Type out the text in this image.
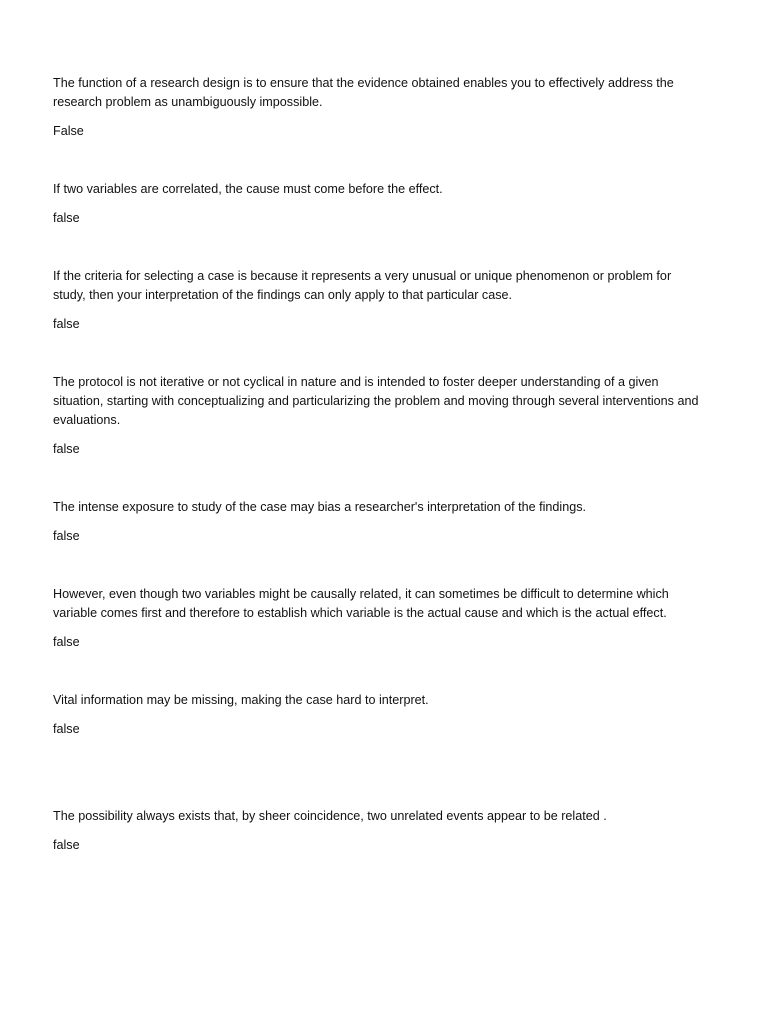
The function of a research design is to ensure that the evidence obtained enables you to effectively address the research problem as unambiguously impossible.

False

If two variables are correlated, the cause must come before the effect.

false

If the criteria for selecting a case is because it represents a very unusual or unique phenomenon or problem for study, then your interpretation of the findings can only apply to that particular case.

false

The protocol is not iterative or not cyclical in nature and is intended to foster deeper understanding of a given situation, starting with conceptualizing and particularizing the problem and moving through several interventions and evaluations.

false

The intense exposure to study of the case may bias a researcher's interpretation of the findings.

false

However, even though two variables might be causally related, it can sometimes be difficult to determine which variable comes first and therefore to establish which variable is the actual cause and which is the actual effect.

false

Vital information may be missing, making the case hard to interpret.

false

The possibility always exists that, by sheer coincidence, two unrelated events appear to be related .

false
